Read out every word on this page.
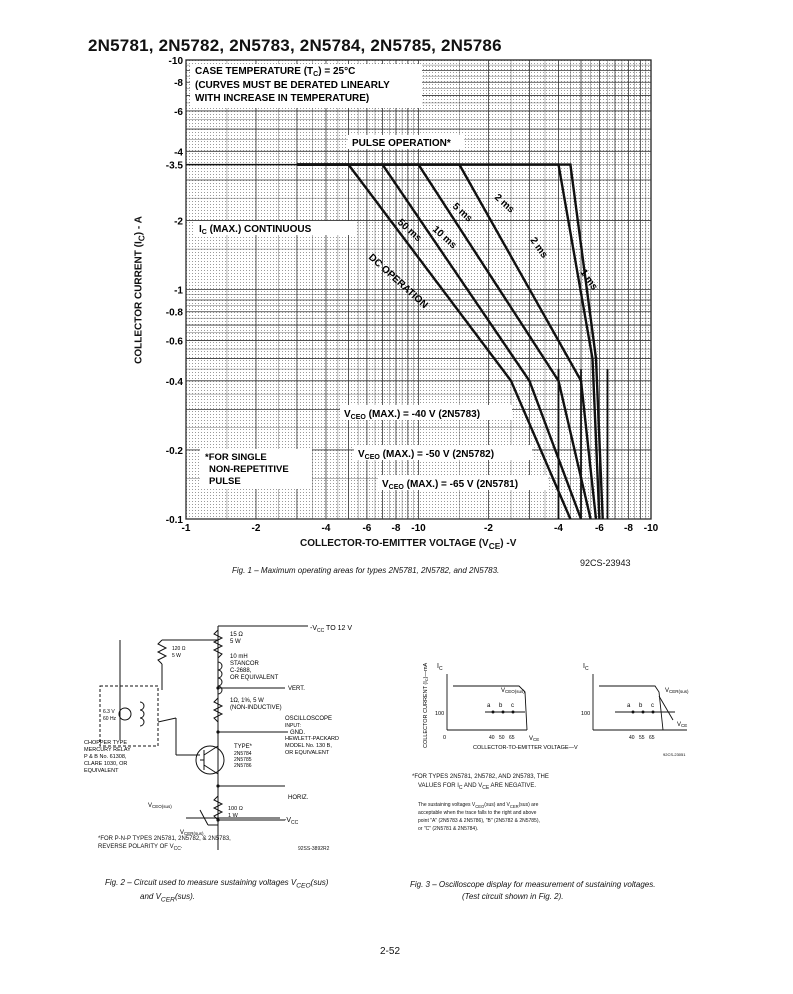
2N5781, 2N5782, 2N5783, 2N5784, 2N5785, 2N5786
-1	-2	-4	-6 -8 -10	-2	-4	-6 -8 -10
-10
-8
-6
-4
-3.5
-2
-1
-0.8
-0.6
-0.4
-0.2
-0.1
CASE TEMPERATURE $(T_C) = 25^\circ C$
(CURVES MUST BE DERATED LINEARLY
WITH INCREASE IN TEMPERATURE)
PULSE OPERATION*
$I_C$ (MAX.) CONTINUOUS
DC OPERATION
50 ms 10 ms
5 ms 2 ms
2 ms
1 ms
$V_{CEO}$ (MAX.) = -40 V (2N5783)
$V_{CEO}$ (MAX.) = -50 V (2N5782)
$V_{CEO}$ (MAX.) = -65 V (2N5781)
*FOR SINGLE
NON-REPETITIVE
PULSE
COLLECTOR CURRENT $(I_C)$ - A
COLLECTOR-TO-EMITTER VOLTAGE $(V_{CE})$ -V
92CS-23943
Fig. 1 – Maximum operating areas for types 2N5781, 2N5782, and 2N5783.
$-V_{CC}$ TO 12 V
15 Ω
5 W
10 mH
STANCOR
C-2688,
OR EQUIVALENT
VERT.
1Ω, 1%, 5 W
(NON-INDUCTIVE)
120 Ω
5 W
6.3 V
60 Hz
GND.
OSCILLOSCOPE
INPUT:
HEWLETT-PACKARD
MODEL No. 130 B,
OR EQUIVALENT
TYPE*
2N5784
2N5785
2N5786
HORIZ.
CHOPPER TYPE
MERCURY RELAY
P & B No. 61308,
CLARE 1030, OR
EQUIVALENT
VCEO(sus)	100 Ω
1 W
VCER(sus)
$-V_{CC}$
*FOR P-N-P TYPES 2N5781, 2N5782, & 2N5783,
REVERSE POLARITY OF $V_{CC}$.	92SS-3892R2
Fig. 2 – Circuit used to measure sustaining voltages $V_{CEO}(sus)$
and $V_{CER}(sus)$.
COLLECTOR CURRENT (IC)—mA $I_C$	$I_C$
VCEO(sus)	VCER(sus)
100	100
0
a b c	a b c
40 50 65	40 55 65
VCE
VCE
COLLECTOR-TO-EMITTER VOLTAGE—V
92CS-23051
*FOR TYPES 2N5781, 2N5782, AND 2N5783, THE
VALUES FOR $I_C$ AND $V_{CE}$ ARE NEGATIVE.
The sustaining voltages $V_{CEO}(sus)$ and $V_{CER}(sus)$ are
acceptable when the trace falls to the right and above
point "A" (2N5783 & 2N5786), "B" (2N5782 & 2N5785),
or "C" (2N5781 & 2N5784).
Fig. 3 – Oscilloscope display for measurement of sustaining voltages.
(Test circuit shown in Fig. 2).
2-52
